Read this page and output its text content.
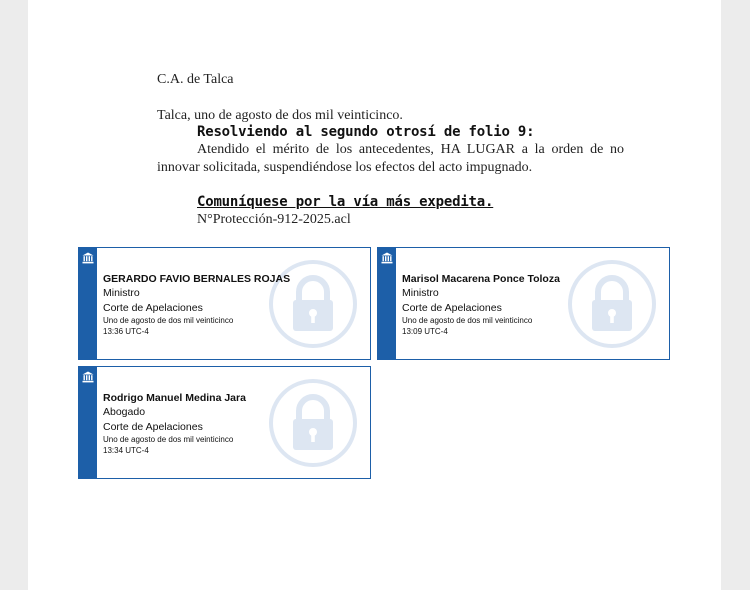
C.A. de Talca
Talca, uno de agosto de dos mil veinticinco.
Resolviendo al segundo otrosí de folio 9:

Atendido el mérito de los antecedentes, HA LUGAR a la orden de no innovar solicitada, suspendiéndose los efectos del acto impugnado.

Comuníquese por la vía más expedita.
N°Protección-912-2025.acl
GERARDO FAVIO BERNALES ROJAS
Ministro
Corte de Apelaciones
Uno de agosto de dos mil veinticinco
13:36 UTC-4
Marisol Macarena Ponce Toloza
Ministro
Corte de Apelaciones
Uno de agosto de dos mil veinticinco
13:09 UTC-4
Rodrigo Manuel Medina Jara
Abogado
Corte de Apelaciones
Uno de agosto de dos mil veinticinco
13:34 UTC-4
